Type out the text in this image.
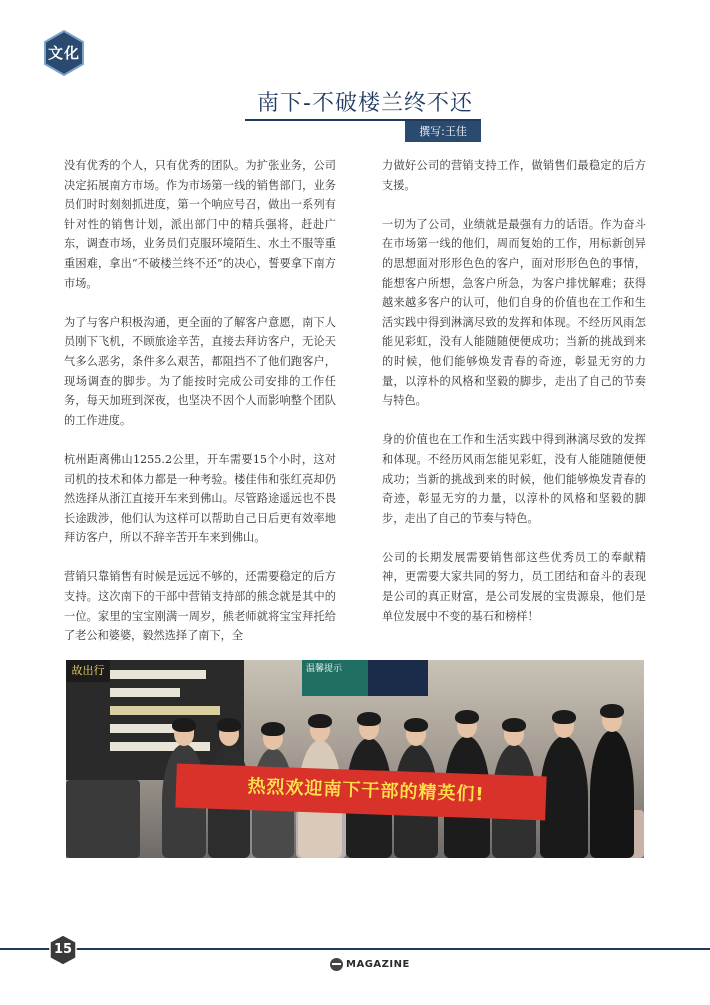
文化
南下-不破楼兰终不还
撰写:王佳

没有优秀的个人，只有优秀的团队。为扩张业务，公司决定拓展南方市场。作为市场第一线的销售部门，业务员们时时刻刻抓进度，第一个响应号召，做出一系列有针对性的销售计划，派出部门中的精兵强将，赶赴广东，调查市场，业务员们克服环境陌生、水土不服等重重困难，拿出“不破楼兰终不还”的决心，誓要拿下南方市场。

为了与客户积极沟通，更全面的了解客户意愿，南下人员刚下飞机，不顾旅途辛苦，直接去拜访客户，无论天气多么恶劣，条件多么艰苦，都阻挡不了他们跑客户，现场调查的脚步。为了能按时完成公司安排的工作任务，每天加班到深夜，也坚决不因个人而影响整个团队的工作进度。

杭州距离佛山1255.2公里，开车需要15个小时，这对司机的技术和体力都是一种考验。楼佳伟和张红亮却仍然选择从浙江直接开车来到佛山。尽管路途遥远也不畏长途跋涉，他们认为这样可以帮助自己日后更有效率地拜访客户，所以不辞辛苦开车来到佛山。

营销只靠销售有时候是远远不够的，还需要稳定的后方支持。这次南下的干部中营销支持部的熊念就是其中的一位。家里的宝宝刚满一周岁，熊老师就将宝宝拜托给了老公和婆婆，毅然选择了南下，全

力做好公司的营销支持工作，做销售们最稳定的后方支援。

一切为了公司，业绩就是最强有力的话语。作为奋斗在市场第一线的他们，周而复始的工作，用标新创异的思想面对形形色色的客户，面对形形色色的事情，能想客户所想，急客户所急，为客户排忧解难；获得越来越多客户的认可，他们自身的价值也在工作和生活实践中得到淋漓尽致的发挥和体现。不经历风雨怎能见彩虹，没有人能随随便便成功；当新的挑战到来的时候，他们能够焕发青春的奇迹，彰显无穷的力量，以淳朴的风格和坚毅的脚步，走出了自己的节奏与特色。

身的价值也在工作和生活实践中得到淋漓尽致的发挥和体现。不经历风雨怎能见彩虹，没有人能随随便便成功；当新的挑战到来的时候，他们能够焕发青春的奇迹，彰显无穷的力量，以淳朴的风格和坚毅的脚步，走出了自己的节奏与特色。

公司的长期发展需要销售部这些优秀员工的奉献精神，更需要大家共同的努力，员工团结和奋斗的表现是公司的真正财富，是公司发展的宝贵源泉，他们是单位发展中不变的基石和榜样！

故出行	温馨提示
热烈欢迎南下干部的精英们!
15
MAGAZINE
